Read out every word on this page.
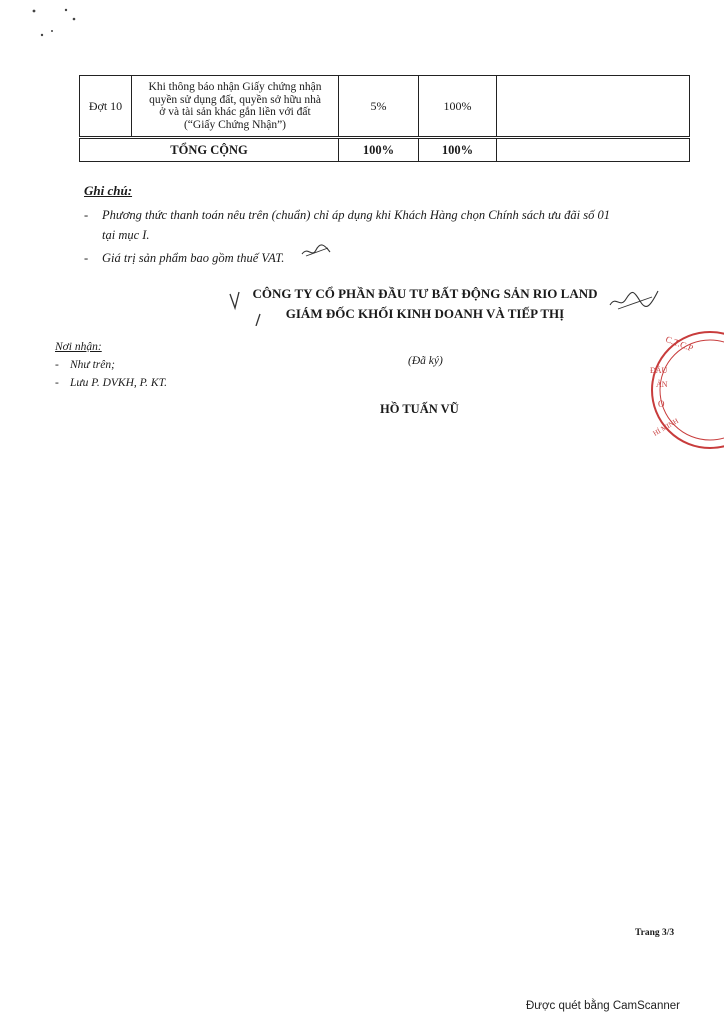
Đợt 10	Khi thông báo nhận Giấy chứng nhận
quyền sử dụng đất, quyền sở hữu nhà
ở và tài sản khác gắn liền với đất
(“Giấy Chứng Nhận”)	5%	100%	
TỔNG CỘNG		100%	100%	
Ghi chú:
- Phương thức thanh toán nêu trên (chuẩn) chỉ áp dụng khi Khách Hàng chọn Chính sách ưu đãi số 01
tại mục I.
- Giá trị sản phẩm bao gồm thuế VAT.
CÔNG TY CỔ PHẦN ĐẦU TƯ BẤT ĐỘNG SẢN RIO LAND
GIÁM ĐỐC KHỐI KINH DOANH VÀ TIẾP THỊ
Nơi nhận:
- Như trên;
- Lưu P. DVKH, P. KT.
(Đã ký)
HỒ TUẤN VŨ
C.T.C.P
ĐẦU
ẢN
O
HÍ MINH
Trang 3/3
Được quét bằng CamScanner
